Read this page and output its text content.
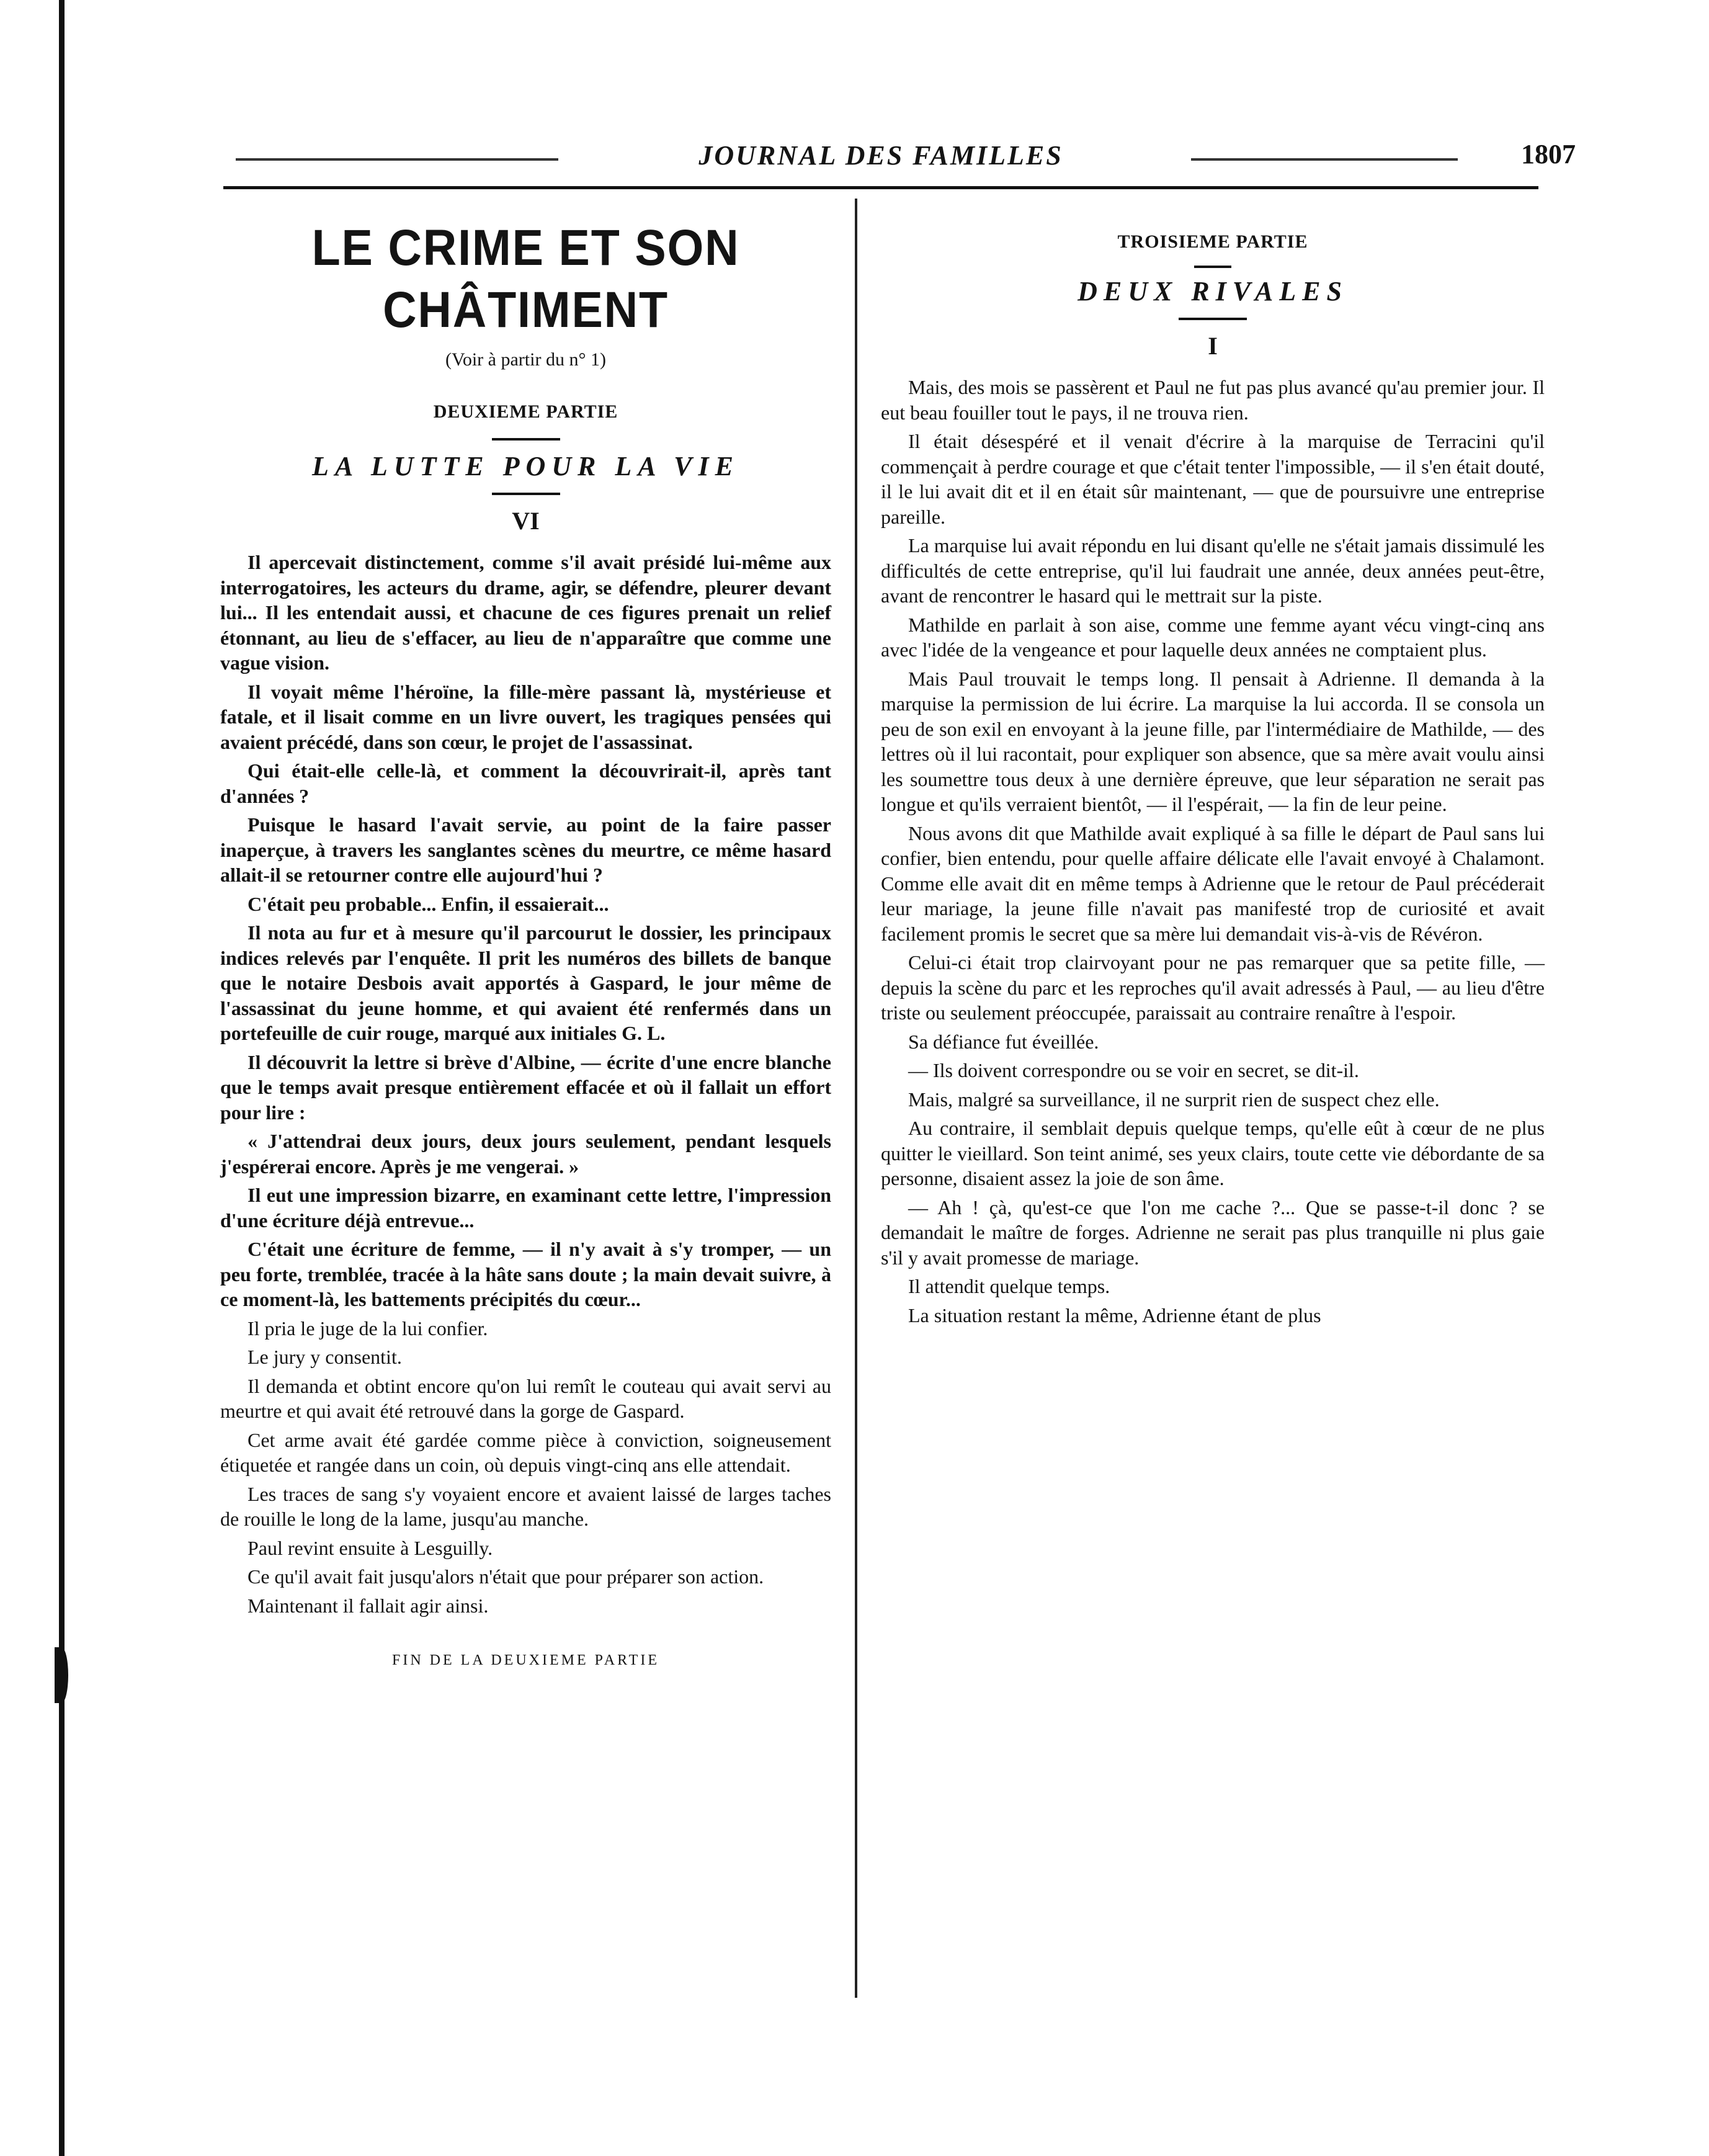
JOURNAL DES FAMILLES	1807
LE CRIME ET SON CHÂTIMENT
(Voir à partir du n° 1)
DEUXIEME PARTIE
LA LUTTE POUR LA VIE
VI

Il apercevait distinctement, comme s'il avait présidé lui-même aux interrogatoires, les acteurs du drame, agir, se défendre, pleurer devant lui... Il les entendait aussi, et chacune de ces figures prenait un relief étonnant, au lieu de s'effacer, au lieu de n'apparaître que comme une vague vision.

Il voyait même l'héroïne, la fille-mère passant là, mystérieuse et fatale, et il lisait comme en un livre ouvert, les tragiques pensées qui avaient précédé, dans son cœur, le projet de l'assassinat.

Qui était-elle celle-là, et comment la découvrirait-il, après tant d'années ?

Puisque le hasard l'avait servie, au point de la faire passer inaperçue, à travers les sanglantes scènes du meurtre, ce même hasard allait-il se retourner contre elle aujourd'hui ?

C'était peu probable... Enfin, il essaierait...

Il nota au fur et à mesure qu'il parcourut le dossier, les principaux indices relevés par l'enquête. Il prit les numéros des billets de banque que le notaire Desbois avait apportés à Gaspard, le jour même de l'assassinat du jeune homme, et qui avaient été renfermés dans un portefeuille de cuir rouge, marqué aux initiales G. L.

Il découvrit la lettre si brève d'Albine, — écrite d'une encre blanche que le temps avait presque entièrement effacée et où il fallait un effort pour lire :

« J'attendrai deux jours, deux jours seulement, pendant lesquels j'espérerai encore. Après je me vengerai. »

Il eut une impression bizarre, en examinant cette lettre, l'impression d'une écriture déjà entrevue...

C'était une écriture de femme, — il n'y avait à s'y tromper, — un peu forte, tremblée, tracée à la hâte sans doute ; la main devait suivre, à ce moment-là, les battements précipités du cœur...

Il pria le juge de la lui confier.

Le jury y consentit.

Il demanda et obtint encore qu'on lui remît le couteau qui avait servi au meurtre et qui avait été retrouvé dans la gorge de Gaspard.

Cet arme avait été gardée comme pièce à conviction, soigneusement étiquetée et rangée dans un coin, où depuis vingt-cinq ans elle attendait.

Les traces de sang s'y voyaient encore et avaient laissé de larges taches de rouille le long de la lame, jusqu'au manche.

Paul revint ensuite à Lesguilly.

Ce qu'il avait fait jusqu'alors n'était que pour préparer son action.

Maintenant il fallait agir ainsi.

FIN DE LA DEUXIEME PARTIE
TROISIEME PARTIE
DEUX RIVALES
I

Mais, des mois se passèrent et Paul ne fut pas plus avancé qu'au premier jour. Il eut beau fouiller tout le pays, il ne trouva rien.

Il était désespéré et il venait d'écrire à la marquise de Terracini qu'il commençait à perdre courage et que c'était tenter l'impossible, — il s'en était douté, il le lui avait dit et il en était sûr maintenant, — que de poursuivre une entreprise pareille.

La marquise lui avait répondu en lui disant qu'elle ne s'était jamais dissimulé les difficultés de cette entreprise, qu'il lui faudrait une année, deux années peut-être, avant de rencontrer le hasard qui le mettrait sur la piste.

Mathilde en parlait à son aise, comme une femme ayant vécu vingt-cinq ans avec l'idée de la vengeance et pour laquelle deux années ne comptaient plus.

Mais Paul trouvait le temps long. Il pensait à Adrienne. Il demanda à la marquise la permission de lui écrire. La marquise la lui accorda. Il se consola un peu de son exil en envoyant à la jeune fille, par l'intermédiaire de Mathilde, — des lettres où il lui racontait, pour expliquer son absence, que sa mère avait voulu ainsi les soumettre tous deux à une dernière épreuve, que leur séparation ne serait pas longue et qu'ils verraient bientôt, — il l'espérait, — la fin de leur peine.

Nous avons dit que Mathilde avait expliqué à sa fille le départ de Paul sans lui confier, bien entendu, pour quelle affaire délicate elle l'avait envoyé à Chalamont. Comme elle avait dit en même temps à Adrienne que le retour de Paul précéderait leur mariage, la jeune fille n'avait pas manifesté trop de curiosité et avait facilement promis le secret que sa mère lui demandait vis-à-vis de Révéron.

Celui-ci était trop clairvoyant pour ne pas remarquer que sa petite fille, — depuis la scène du parc et les reproches qu'il avait adressés à Paul, — au lieu d'être triste ou seulement préoccupée, paraissait au contraire renaître à l'espoir.

Sa défiance fut éveillée.

— Ils doivent correspondre ou se voir en secret, se dit-il.

Mais, malgré sa surveillance, il ne surprit rien de suspect chez elle.

Au contraire, il semblait depuis quelque temps, qu'elle eût à cœur de ne plus quitter le vieillard. Son teint animé, ses yeux clairs, toute cette vie débordante de sa personne, disaient assez la joie de son âme.

— Ah ! çà, qu'est-ce que l'on me cache ?... Que se passe-t-il donc ? se demandait le maître de forges. Adrienne ne serait pas plus tranquille ni plus gaie s'il y avait promesse de mariage.

Il attendit quelque temps.

La situation restant la même, Adrienne étant de plus
